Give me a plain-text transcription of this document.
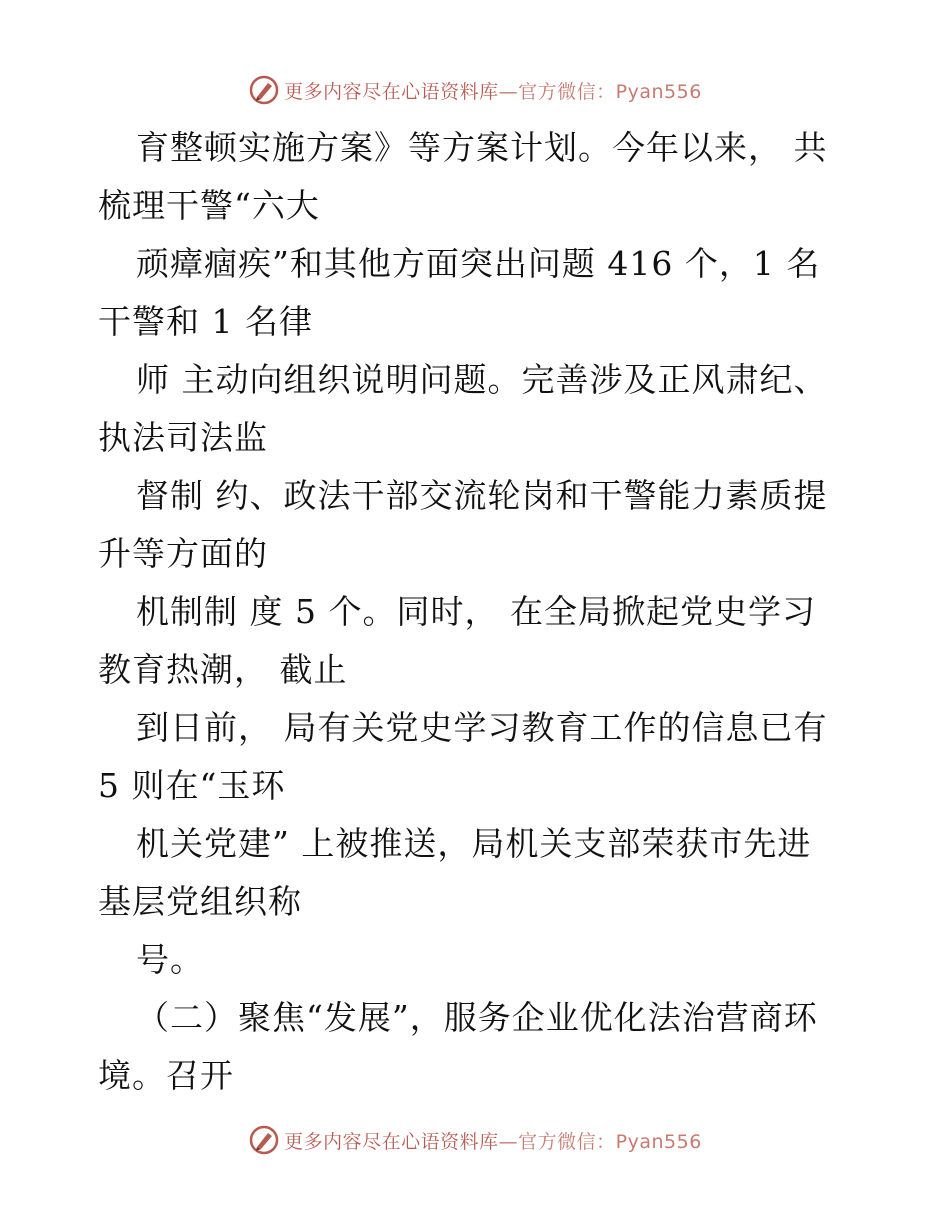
更多内容尽在心语资料库—官方微信：Pyan556
育整顿实施方案》等方案计划。今年以来， 共
梳理干警“六大
顽瘴痼疾”和其他方面突出问题 416 个，1 名
干警和 1 名律
师 主动向组织说明问题。完善涉及正风肃纪、
执法司法监
督制 约、政法干部交流轮岗和干警能力素质提
升等方面的
机制制 度 5 个。同时， 在全局掀起党史学习
教育热潮， 截止
到日前， 局有关党史学习教育工作的信息已有
5 则在“玉环
机关党建” 上被推送，局机关支部荣获市先进
基层党组织称
号。
（二）聚焦“发展”，服务企业优化法治营商环
境。召开
更多内容尽在心语资料库—官方微信：Pyan556
